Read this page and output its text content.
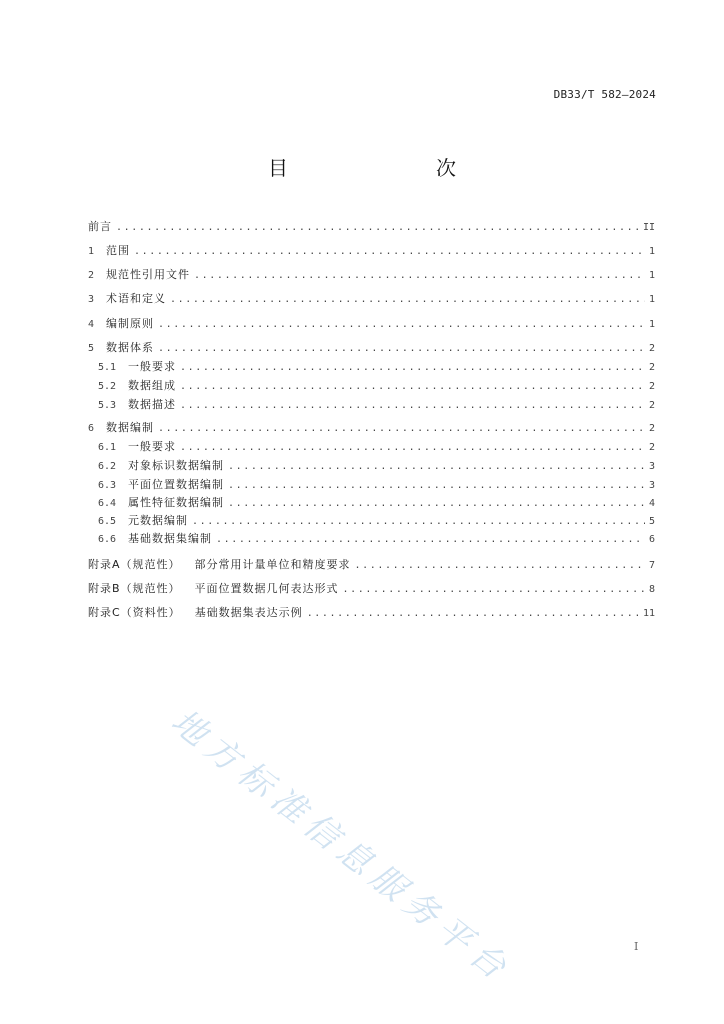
DB33/T 582—2024
目　　次
前言 .....	II
1	范围 .....	1
2	规范性引用文件 .....	1
3	术语和定义 .....	1
4	编制原则 .....	1
5	数据体系 .....	2
5.1	一般要求 .....	2
5.2	数据组成 .....	2
5.3	数据描述 .....	2
6	数据编制 .....	2
6.1	一般要求 .....	2
6.2	对象标识数据编制 .....	3
6.3	平面位置数据编制 .....	3
6.4	属性特征数据编制 .....	4
6.5	元数据编制 .....	5
6.6	基础数据集编制 .....	6
附录A（规范性） 部分常用计量单位和精度要求 .....	7
附录B（规范性） 平面位置数据几何表达形式 .....	8
附录C（资料性） 基础数据集表达示例 .....	11
I
地方标准信息服务平台
